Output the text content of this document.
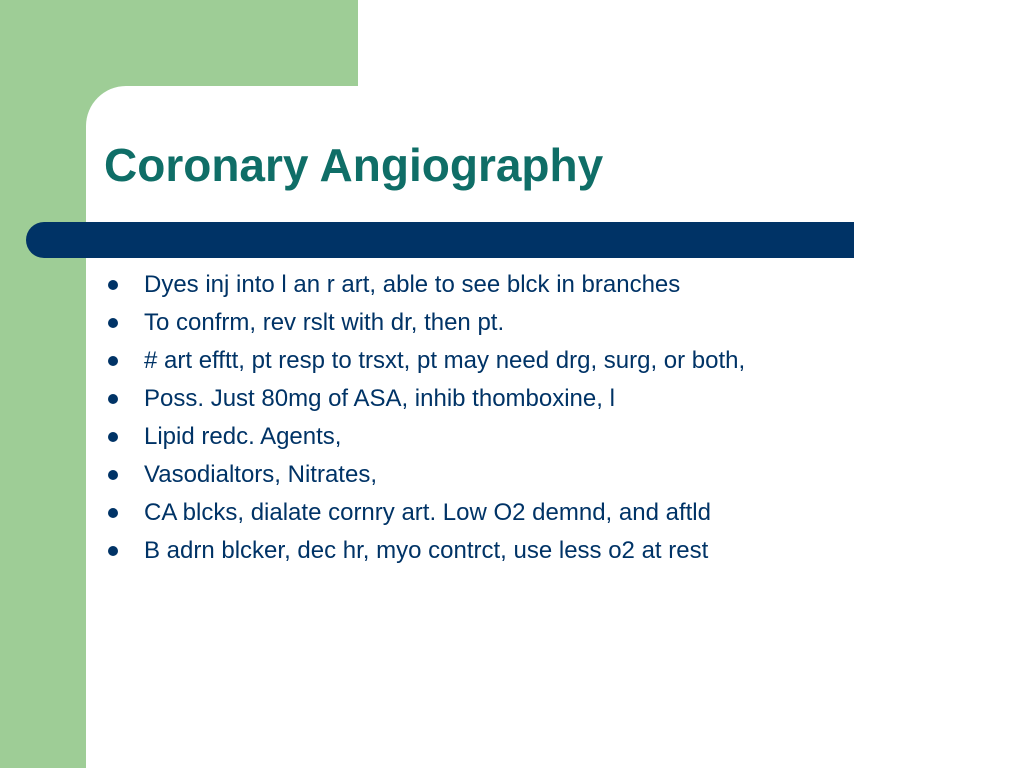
Coronary Angiography
Dyes inj into l an r art, able to see blck in branches
To confrm, rev rslt with dr, then pt.
# art efftt, pt resp to trsxt, pt may need drg, surg, or both,
Poss. Just 80mg of ASA, inhib thomboxine, l
Lipid redc. Agents,
Vasodialtors, Nitrates,
CA blcks, dialate cornry art. Low O2 demnd, and aftld
B adrn blcker, dec hr, myo contrct, use less o2 at rest
